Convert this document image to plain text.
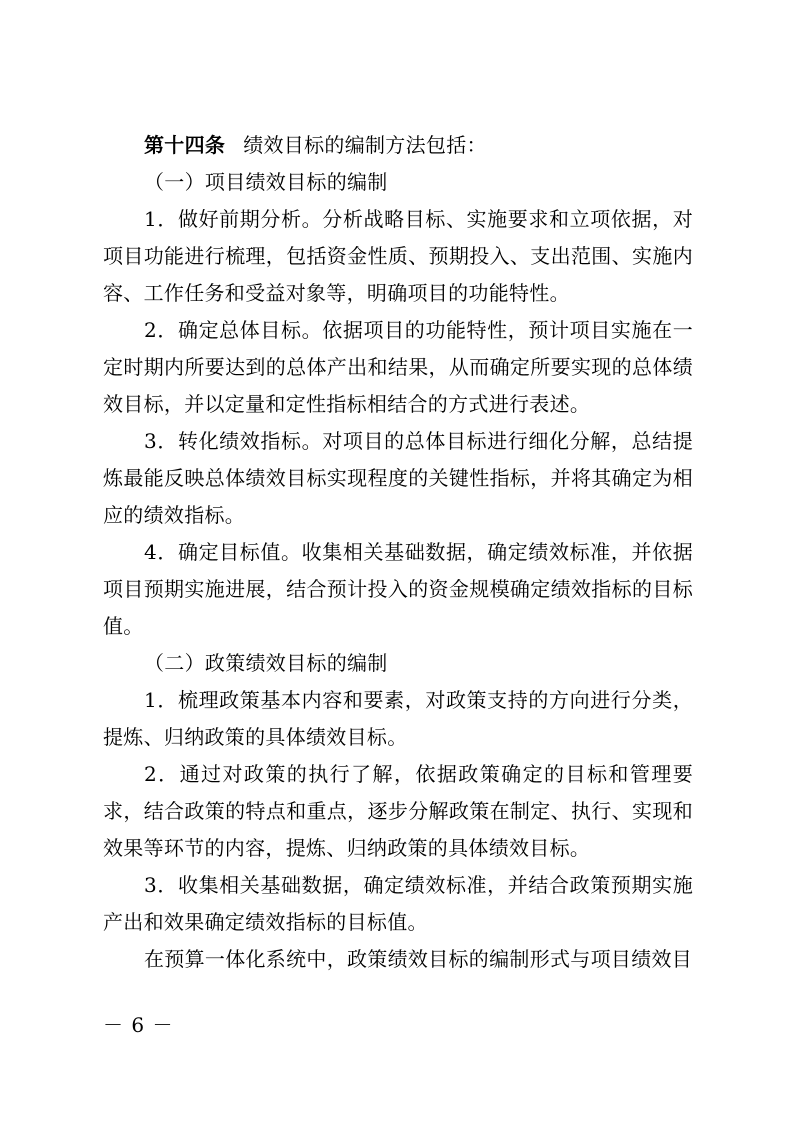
第十四条 绩效目标的编制方法包括：

（一）项目绩效目标的编制

1．做好前期分析。分析战略目标、实施要求和立项依据，对项目功能进行梳理，包括资金性质、预期投入、支出范围、实施内容、工作任务和受益对象等，明确项目的功能特性。

2．确定总体目标。依据项目的功能特性，预计项目实施在一定时期内所要达到的总体产出和结果，从而确定所要实现的总体绩效目标，并以定量和定性指标相结合的方式进行表述。

3．转化绩效指标。对项目的总体目标进行细化分解，总结提炼最能反映总体绩效目标实现程度的关键性指标，并将其确定为相应的绩效指标。

4．确定目标值。收集相关基础数据，确定绩效标准，并依据项目预期实施进展，结合预计投入的资金规模确定绩效指标的目标值。

（二）政策绩效目标的编制

1．梳理政策基本内容和要素，对政策支持的方向进行分类，提炼、归纳政策的具体绩效目标。

2．通过对政策的执行了解，依据政策确定的目标和管理要求，结合政策的特点和重点，逐步分解政策在制定、执行、实现和效果等环节的内容，提炼、归纳政策的具体绩效目标。

3．收集相关基础数据，确定绩效标准，并结合政策预期实施产出和效果确定绩效指标的目标值。

在预算一体化系统中，政策绩效目标的编制形式与项目绩效目

－ 6 －
